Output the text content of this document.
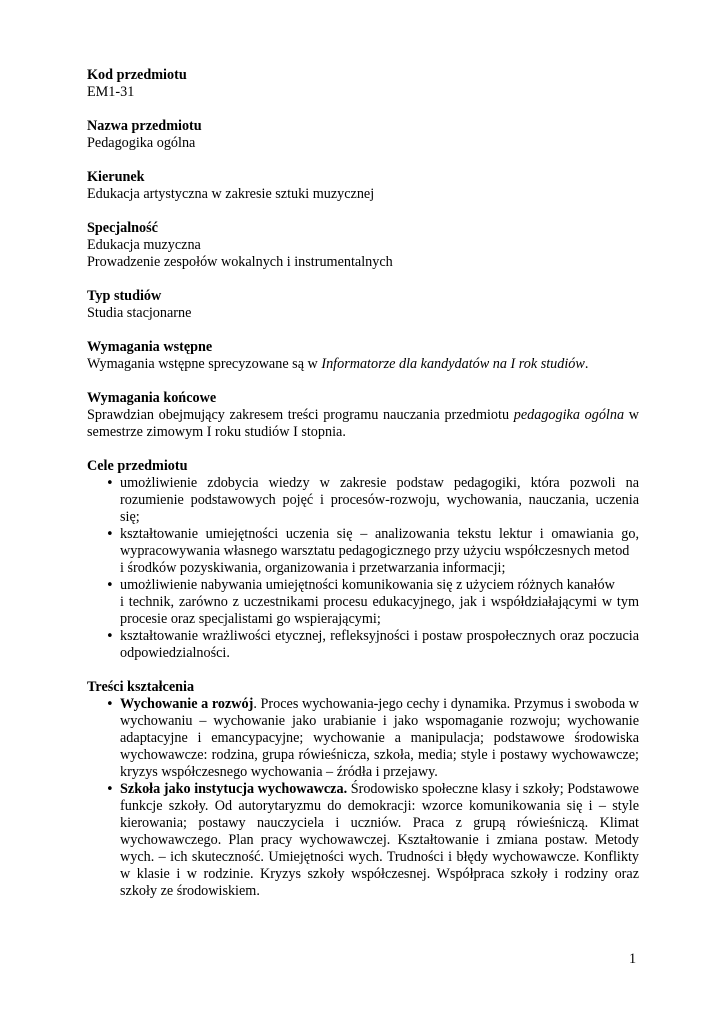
Kod przedmiotu
EM1-31
Nazwa przedmiotu
Pedagogika ogólna
Kierunek
Edukacja artystyczna w zakresie sztuki muzycznej
Specjalność
Edukacja muzyczna
Prowadzenie zespołów wokalnych i instrumentalnych
Typ studiów
Studia stacjonarne
Wymagania wstępne
Wymagania wstępne sprecyzowane są w Informatorze dla kandydatów na I rok studiów.
Wymagania końcowe
Sprawdzian obejmujący zakresem treści programu nauczania przedmiotu pedagogika ogólna w semestrze zimowym I roku studiów I stopnia.
Cele przedmiotu
• umożliwienie zdobycia wiedzy w zakresie podstaw pedagogiki, która pozwoli na rozumienie podstawowych pojęć i procesów-rozwoju, wychowania, nauczania, uczenia się;
• kształtowanie umiejętności uczenia się – analizowania tekstu lektur i omawiania go, wypracowywania własnego warsztatu pedagogicznego przy użyciu współczesnych metod
i środków pozyskiwania, organizowania i przetwarzania informacji;
• umożliwienie nabywania umiejętności komunikowania się z użyciem różnych kanałów
i technik, zarówno z uczestnikami procesu edukacyjnego, jak i współdziałającymi w tym procesie oraz specjalistami go wspierającymi;
• kształtowanie wrażliwości etycznej, refleksyjności i postaw prospołecznych oraz poczucia odpowiedzialności.
Treści kształcenia
• Wychowanie a rozwój. Proces wychowania-jego cechy i dynamika. Przymus i swoboda w wychowaniu – wychowanie jako urabianie i jako wspomaganie rozwoju; wychowanie adaptacyjne i emancypacyjne; wychowanie a manipulacja; podstawowe środowiska wychowawcze: rodzina, grupa rówieśnicza, szkoła, media; style i postawy wychowawcze; kryzys współczesnego wychowania – źródła i przejawy.
• Szkoła jako instytucja wychowawcza. Środowisko społeczne klasy i szkoły; Podstawowe funkcje szkoły. Od autorytaryzmu do demokracji: wzorce komunikowania się i – style kierowania; postawy nauczyciela i uczniów. Praca z grupą rówieśniczą. Klimat wychowawczego. Plan pracy wychowawczej. Kształtowanie i zmiana postaw. Metody wych. – ich skuteczność. Umiejętności wych. Trudności i błędy wychowawcze. Konflikty w klasie i w rodzinie. Kryzys szkoły współczesnej. Współpraca szkoły i rodziny oraz szkoły ze środowiskiem.
1
